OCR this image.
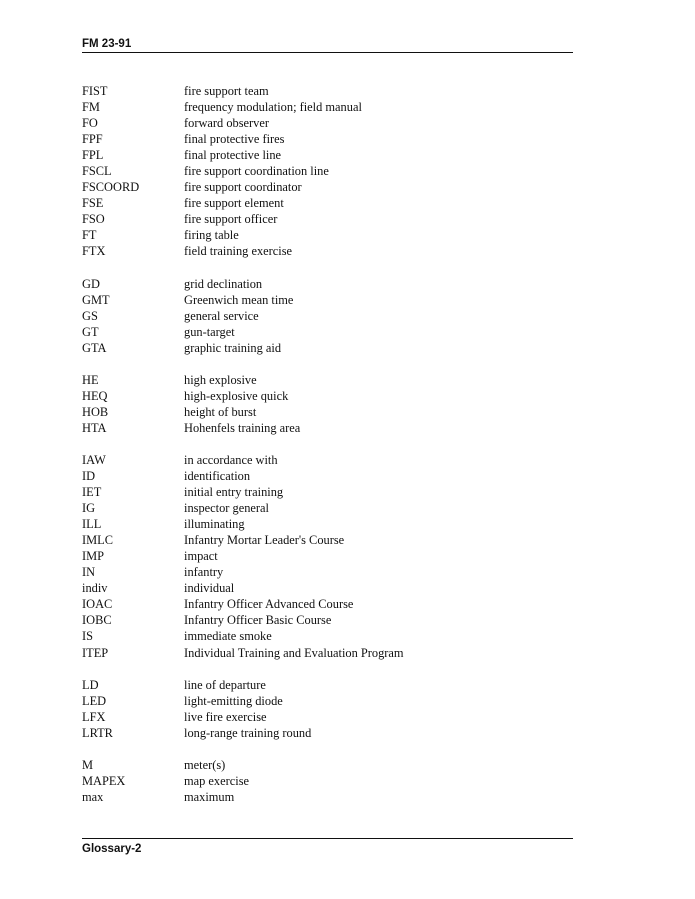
FM 23-91
FIST	fire support team
FM	frequency modulation; field manual
FO	forward observer
FPF	final protective fires
FPL	final protective line
FSCL	fire support coordination line
FSCOORD	fire support coordinator
FSE	fire support element
FSO	fire support officer
FT	firing table
FTX	field training exercise
GD	grid declination
GMT	Greenwich mean time
GS	general service
GT	gun-target
GTA	graphic training aid
HE	high explosive
HEQ	high-explosive quick
HOB	height of burst
HTA	Hohenfels training area
IAW	in accordance with
ID	identification
IET	initial entry training
IG	inspector general
ILL	illuminating
IMLC	Infantry Mortar Leader's Course
IMP	impact
IN	infantry
indiv	individual
IOAC	Infantry Officer Advanced Course
IOBC	Infantry Officer Basic Course
IS	immediate smoke
ITEP	Individual Training and Evaluation Program
LD	line of departure
LED	light-emitting diode
LFX	live fire exercise
LRTR	long-range training round
M	meter(s)
MAPEX	map exercise
max	maximum
Glossary-2
